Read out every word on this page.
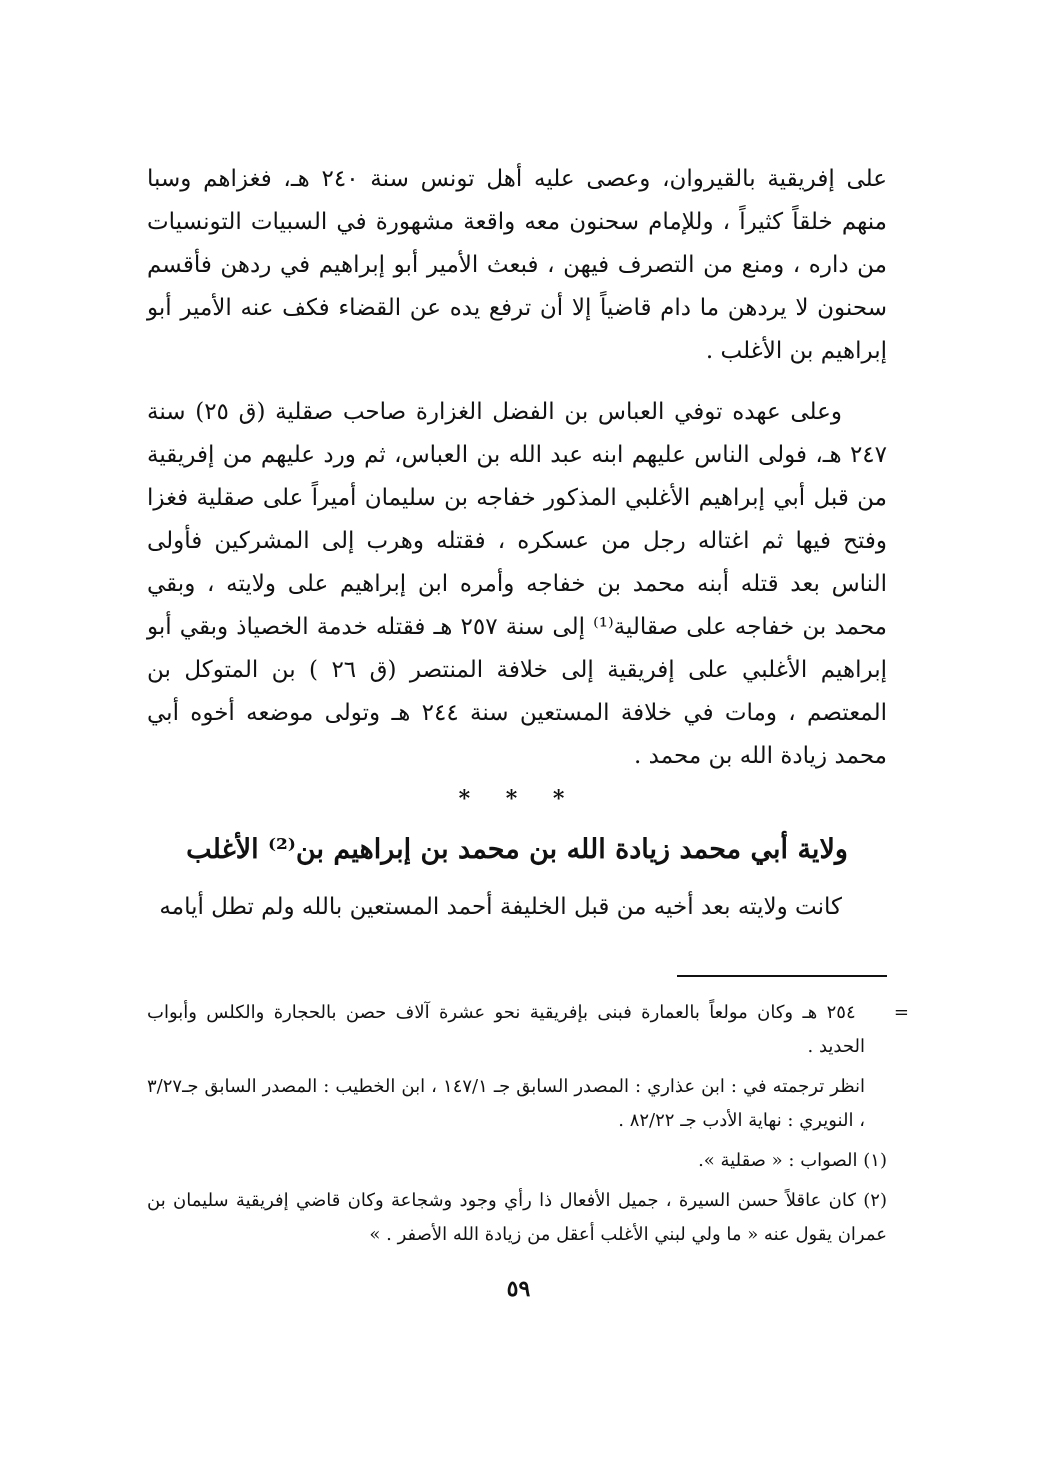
على إفريقية بالقيروان، وعصى عليه أهل تونس سنة ٢٤٠ هـ، فغزاهم وسبا منهم خلقاً كثيراً ، وللإمام سحنون معه واقعة مشهورة في السبيات التونسيات من داره ، ومنع من التصرف فيهن ، فبعث الأمير أبو إبراهيم في ردهن فأقسم سحنون لا يردهن ما دام قاضياً إلا أن ترفع يده عن القضاء فكف عنه الأمير أبو إبراهيم بن الأغلب .

وعلى عهده توفي العباس بن الفضل الغزارة صاحب صقلية (ق ٢٥) سنة ٢٤٧ هـ، فولى الناس عليهم ابنه عبد الله بن العباس، ثم ورد عليهم من إفريقية من قبل أبي إبراهيم الأغلبي المذكور خفاجه بن سليمان أميراً على صقلية فغزا وفتح فيها ثم اغتاله رجل من عسكره ، فقتله وهرب إلى المشركين فأولى الناس بعد قتله أبنه محمد بن خفاجه وأمره ابن إبراهيم على ولايته ، وبقي محمد بن خفاجه على صقالية⁽¹⁾ إلى سنة ٢٥٧ هـ فقتله خدمة الخصياذ وبقي أبو إبراهيم الأغلبي على إفريقية إلى خلافة المنتصر (ق ٢٦ ) بن المتوكل بن المعتصم ، ومات في خلافة المستعين سنة ٢٤٤ هـ وتولى موضعه أخوه أبي محمد زيادة الله بن محمد .

* * *
ولاية أبي محمد زيادة الله بن محمد بن إبراهيم بن⁽²⁾ الأغلب

كانت ولايته بعد أخيه من قبل الخليفة أحمد المستعين بالله ولم تطل أيامه

= ٢٥٤ هـ وكان مولعاً بالعمارة فبنى بإفريقية نحو عشرة آلاف حصن بالحجارة والكلس وأبواب الحديد .

انظر ترجمته في : ابن عذاري : المصدر السابق جـ ١٤٧/١ ، ابن الخطيب : المصدر السابق جـ٣/٢٧ ، النويري : نهاية الأدب جـ ٨٢/٢٢ .

(١) الصواب : « صقلية ».

(٢) كان عاقلاً حسن السيرة ، جميل الأفعال ذا رأي وجود وشجاعة وكان قاضي إفريقية سليمان بن عمران يقول عنه « ما ولي لبني الأغلب أعقل من زيادة الله الأصفر . »

٥٩
